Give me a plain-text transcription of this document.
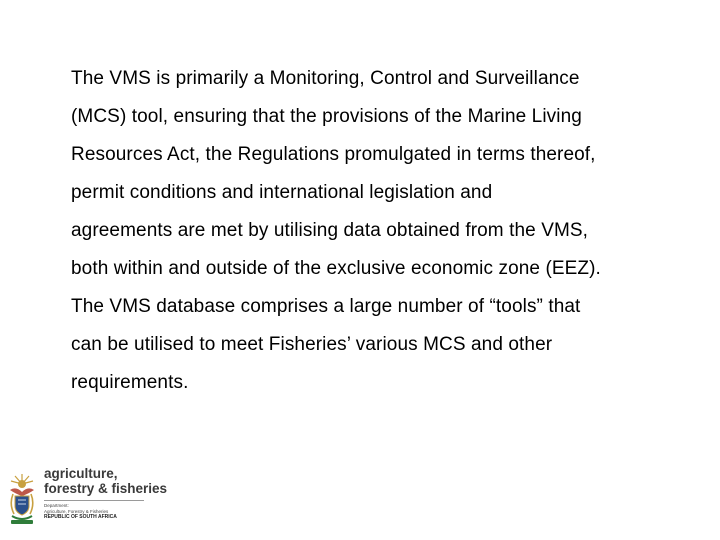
The VMS is primarily a Monitoring, Control and Surveillance
(MCS) tool, ensuring that the provisions of the Marine Living
Resources Act, the Regulations promulgated in terms thereof,
permit conditions and international legislation and
agreements are met by utilising data obtained from the VMS,
both within and outside of the exclusive economic zone (EEZ).

The VMS database comprises a large number of “tools” that
can be utilised to meet Fisheries’ various MCS and other
requirements.

agriculture,
forestry & fisheries
Department:
Agriculture, Forestry & Fisheries
REPUBLIC OF SOUTH AFRICA
